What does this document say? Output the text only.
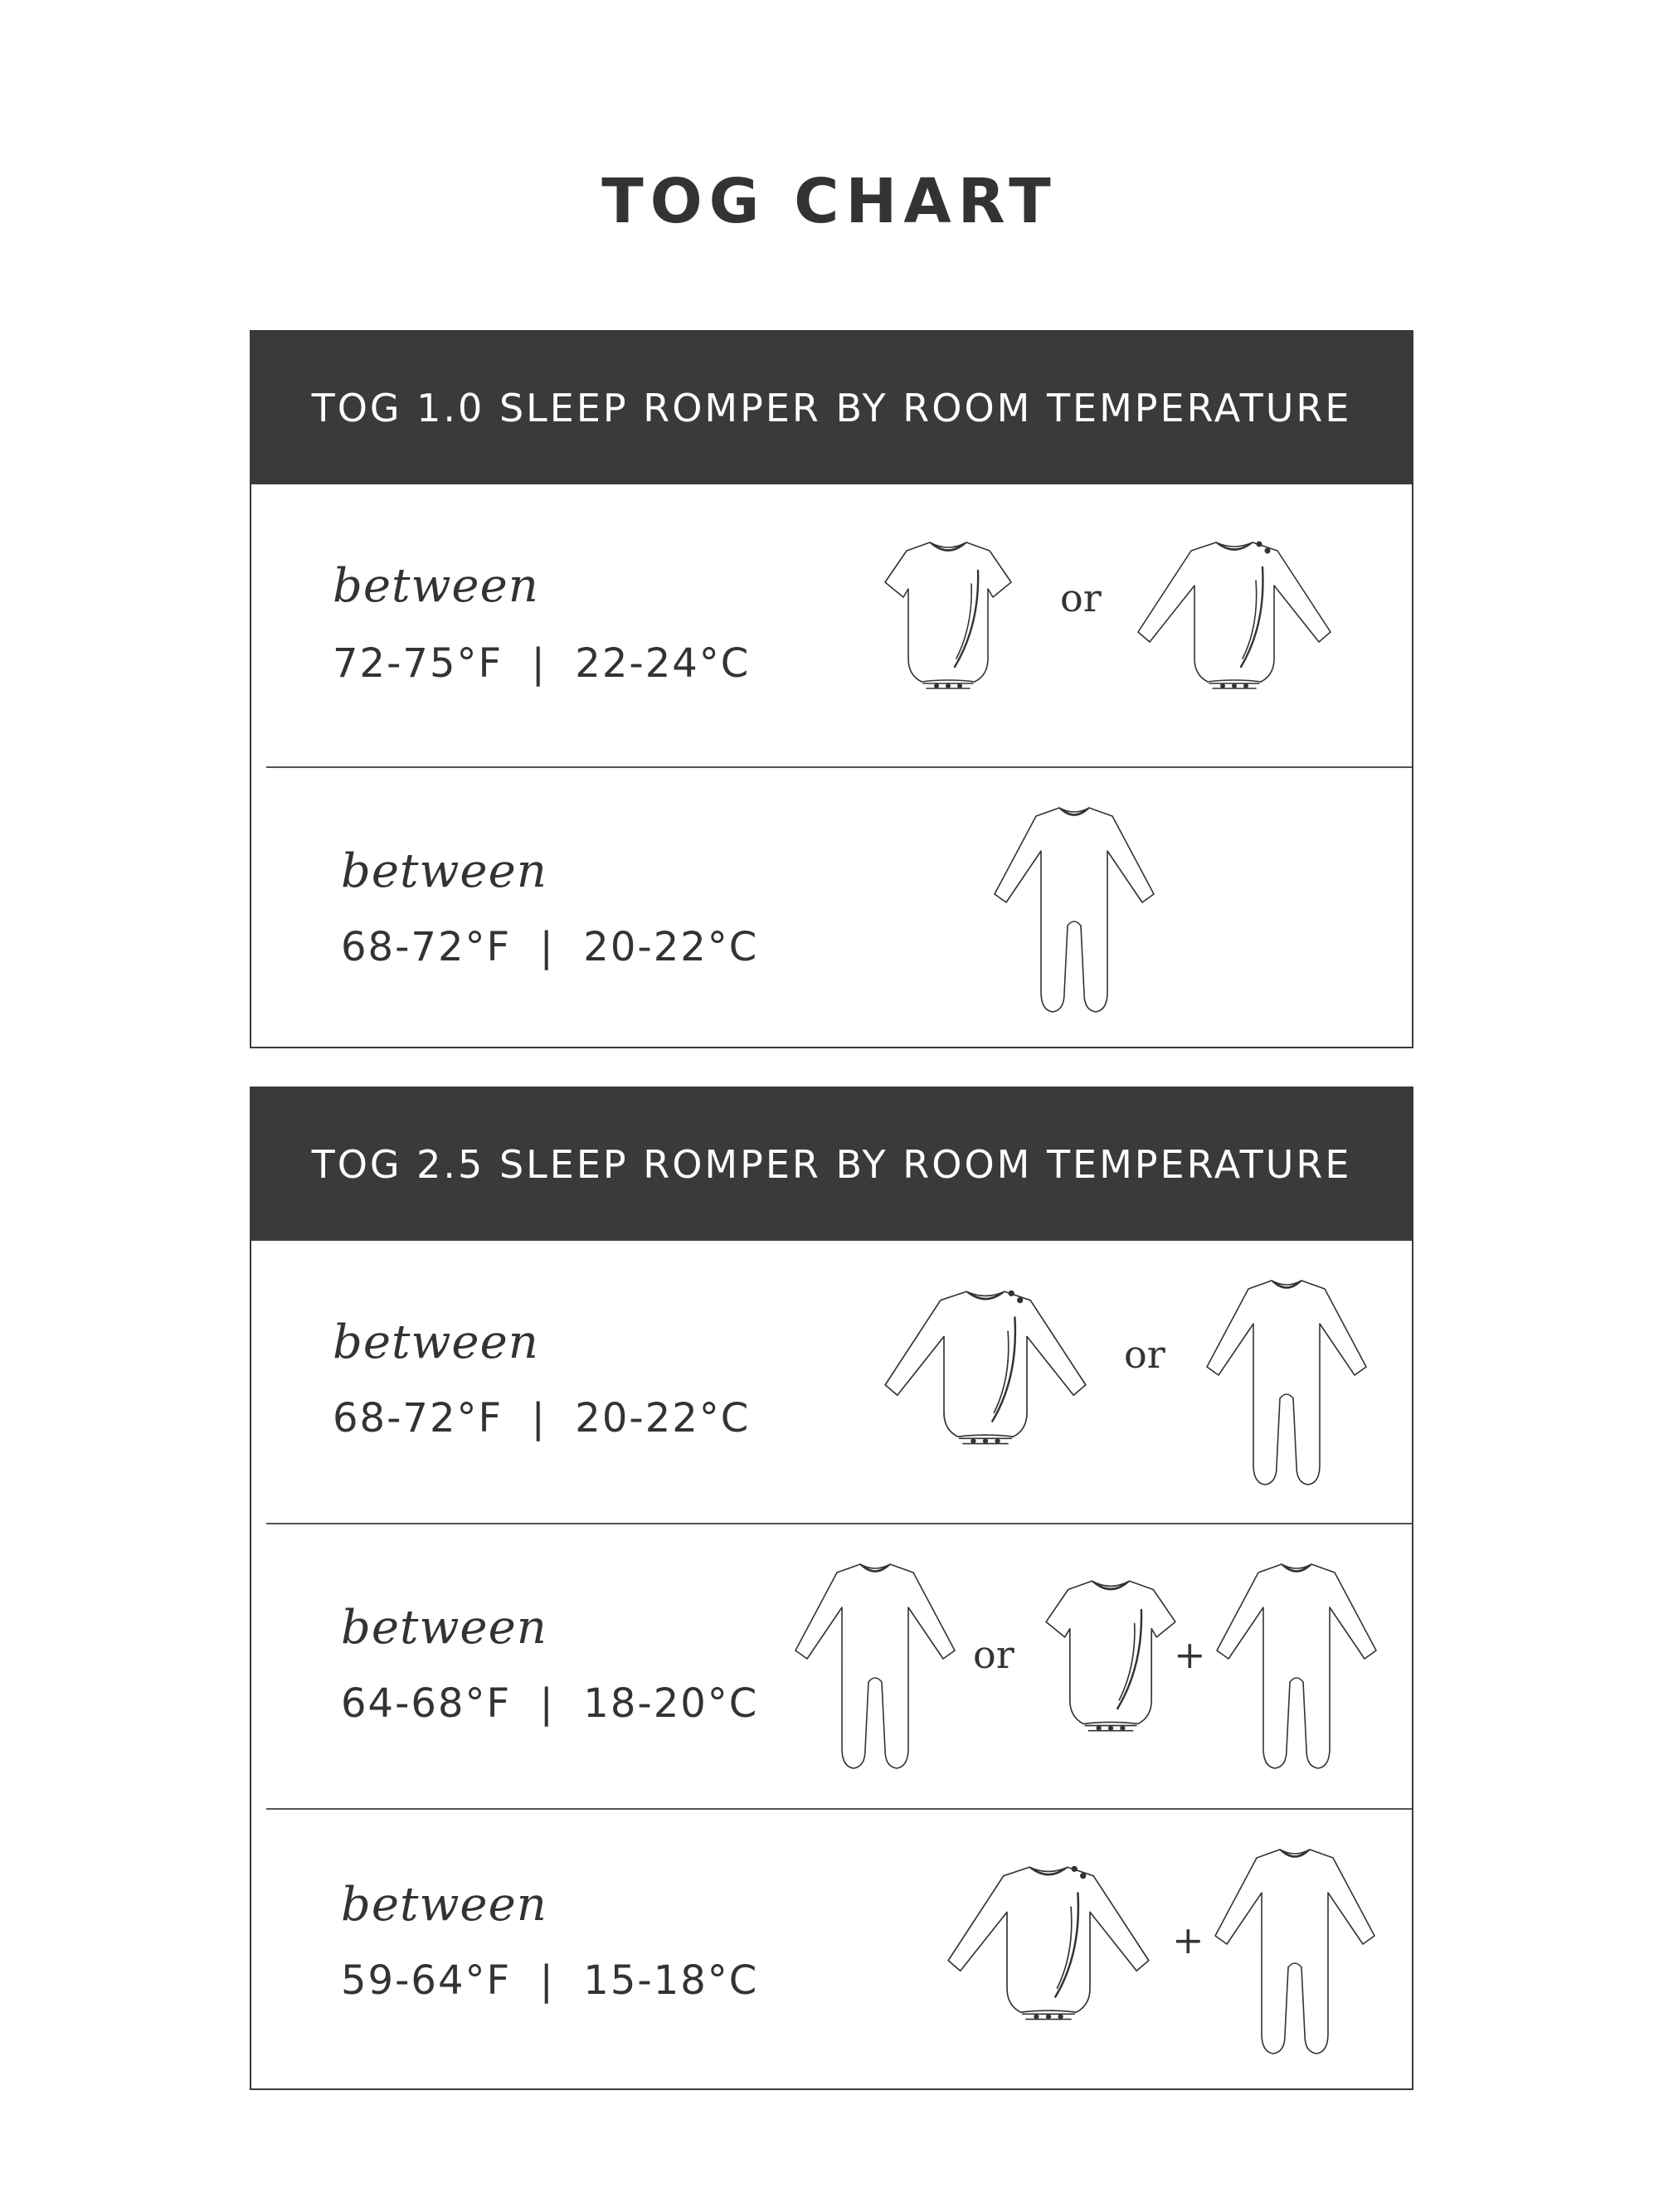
TOG CHART
TOG 1.0 SLEEP ROMPER BY ROOM TEMPERATURE
between
72-75°F  |  22-24°C
or
between
68-72°F  |  20-22°C
TOG 2.5 SLEEP ROMPER BY ROOM TEMPERATURE
between
68-72°F  |  20-22°C
or
between
64-68°F  |  18-20°C
or	+
between
59-64°F  |  15-18°C
+
